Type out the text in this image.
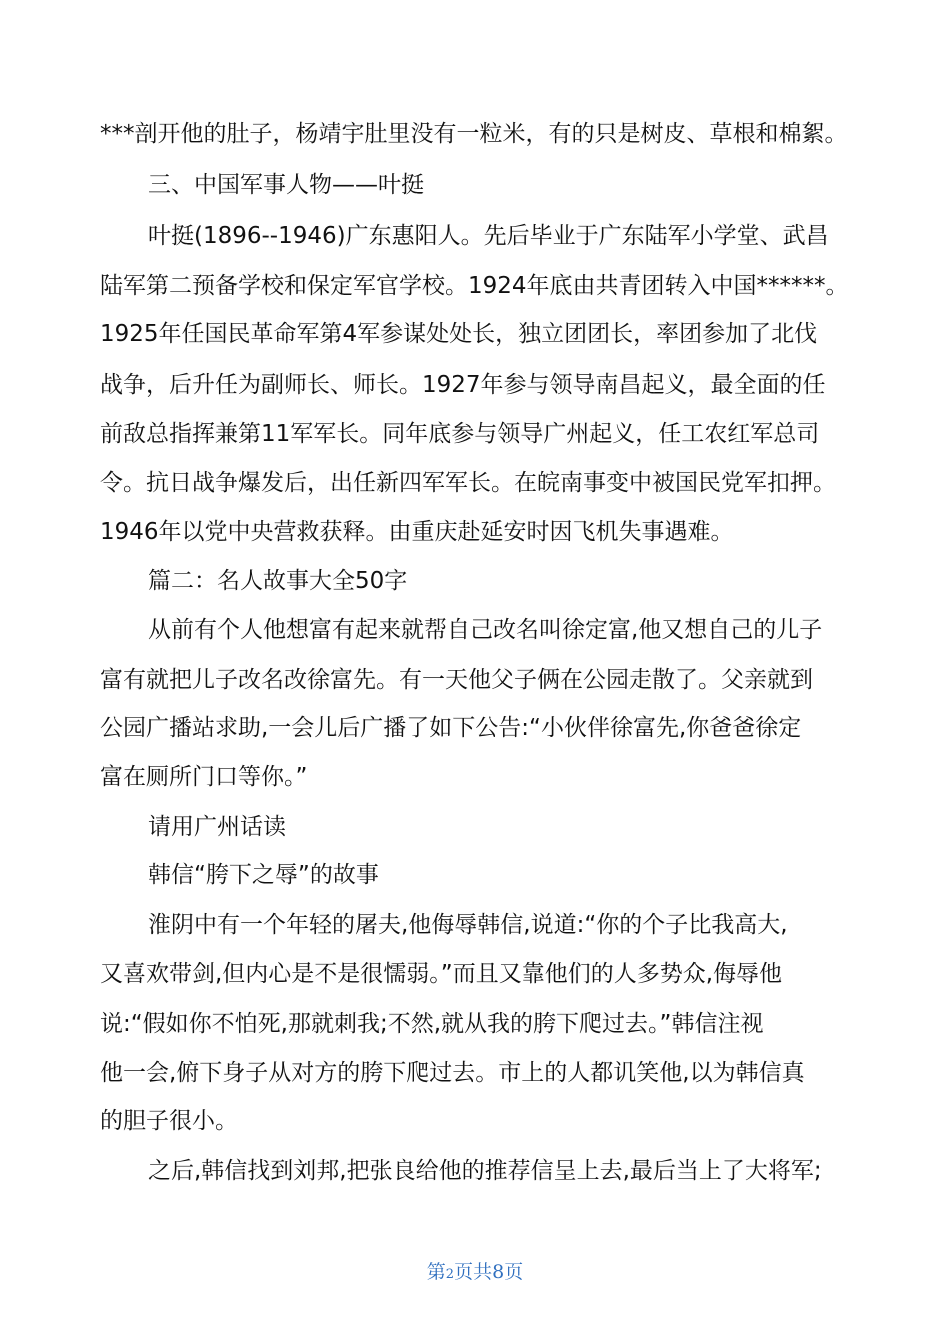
***剖开他的肚子，杨靖宇肚里没有一粒米，有的只是树皮、草根和棉絮。
三、中国军事人物——叶挺
叶挺(1896--1946)广东惠阳人。先后毕业于广东陆军小学堂、武昌
陆军第二预备学校和保定军官学校。1924年底由共青团转入中国******。
1925年任国民革命军第4军参谋处处长，独立团团长，率团参加了北伐
战争，后升任为副师长、师长。1927年参与领导南昌起义，最全面的任
前敌总指挥兼第11军军长。同年底参与领导广州起义，任工农红军总司
令。抗日战争爆发后，出任新四军军长。在皖南事变中被国民党军扣押。
1946年以党中央营救获释。由重庆赴延安时因飞机失事遇难。
篇二：名人故事大全50字
从前有个人他想富有起来就帮自己改名叫徐定富,他又想自己的儿子
富有就把儿子改名改徐富先。有一天他父子俩在公园走散了。父亲就到
公园广播站求助,一会儿后广播了如下公告:“小伙伴徐富先,你爸爸徐定
富在厕所门口等你。”
请用广州话读
韩信“胯下之辱”的故事
淮阴中有一个年轻的屠夫,他侮辱韩信,说道:“你的个子比我高大,
又喜欢带剑,但内心是不是很懦弱。”而且又靠他们的人多势众,侮辱他
说:“假如你不怕死,那就刺我;不然,就从我的胯下爬过去。”韩信注视
他一会,俯下身子从对方的胯下爬过去。市上的人都讥笑他,以为韩信真
的胆子很小。
之后,韩信找到刘邦,把张良给他的推荐信呈上去,最后当上了大将军;
第2页共8页
